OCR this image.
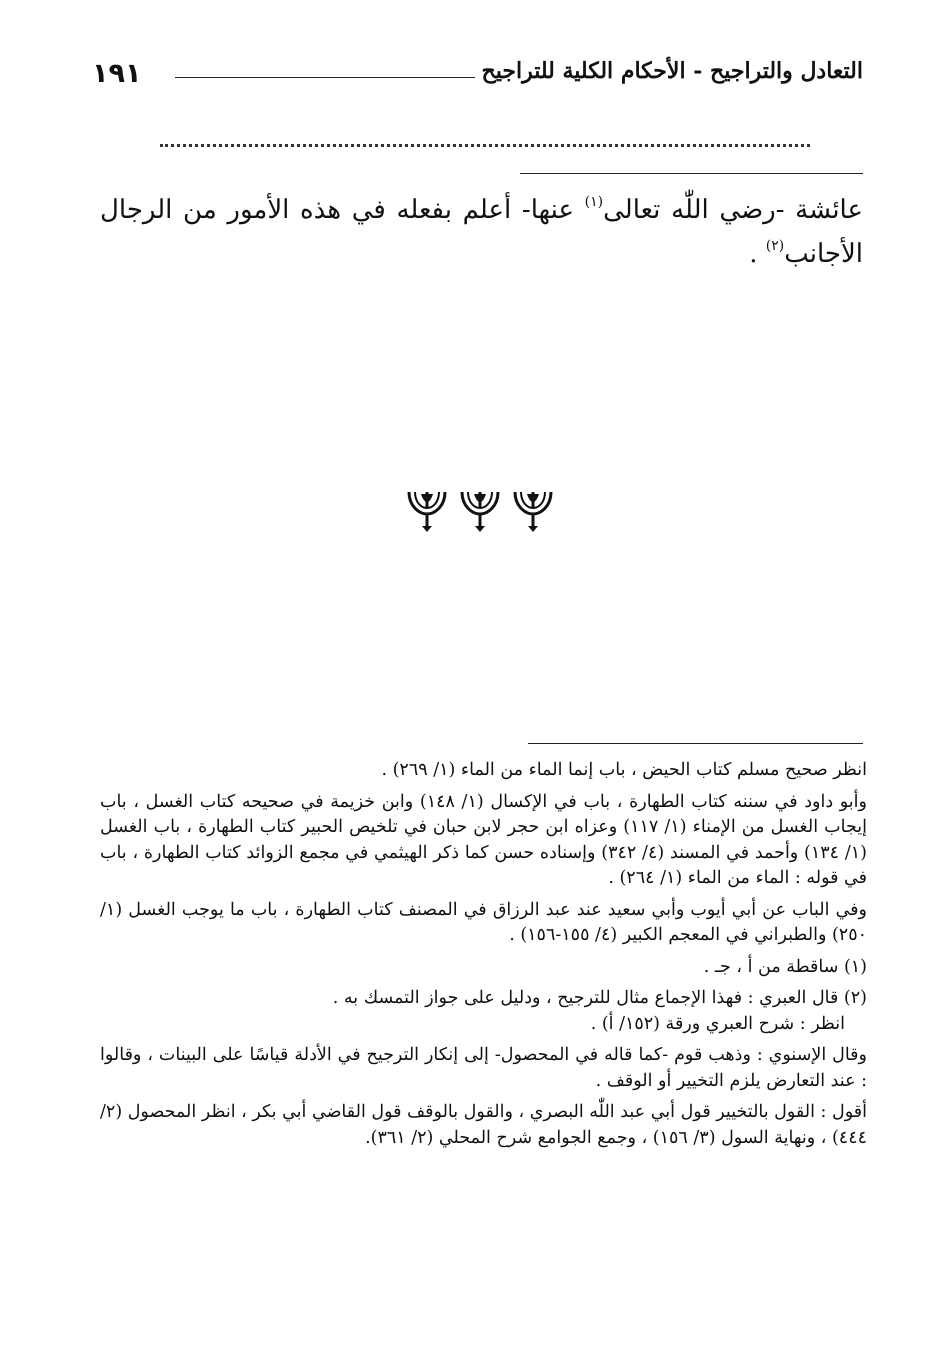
١٩١	التعادل والتراجيح - الأحكام الكلية للتراجيح

عائشة -رضي اللّٰه تعالى$^{(١)}$ عنها- أعلم بفعله في هذه الأمور من الرجال الأجانب$^{(٢)}$ .

انظر صحيح مسلم كتاب الحيض ، باب إنما الماء من الماء (١/ ٢٦٩) .

وأبو داود في سننه كتاب الطهارة ، باب في الإكسال (١/ ١٤٨) وابن خزيمة في صحيحه كتاب الغسل ، باب إيجاب الغسل من الإمناء (١/ ١١٧) وعزاه ابن حجر لابن حبان في تلخيص الحبير كتاب الطهارة ، باب الغسل (١/ ١٣٤) وأحمد في المسند (٤/ ٣٤٢) وإسناده حسن كما ذكر الهيثمي في مجمع الزوائد كتاب الطهارة ، باب في قوله : الماء من الماء (١/ ٢٦٤) .

وفي الباب عن أبي أيوب وأبي سعيد عند عبد الرزاق في المصنف كتاب الطهارة ، باب ما يوجب الغسل (١/ ٢٥٠) والطبراني في المعجم الكبير (٤/ ١٥٥-١٥٦) .

(١) ساقطة من أ ، جـ .

(٢) قال العبري : فهذا الإجماع مثال للترجيح ، ودليل على جواز التمسك به .

انظر : شرح العبري ورقة (١٥٢/ أ) .

وقال الإسنوي : وذهب قوم -كما قاله في المحصول- إلى إنكار الترجيح في الأدلة قياسًا على البينات ، وقالوا : عند التعارض يلزم التخيير أو الوقف .

أقول : القول بالتخيير قول أبي عبد اللّٰه البصري ، والقول بالوقف قول القاضي أبي بكر ، انظر المحصول (٢/ ٤٤٤) ، ونهاية السول (٣/ ١٥٦) ، وجمع الجوامع شرح المحلي (٢/ ٣٦١).
